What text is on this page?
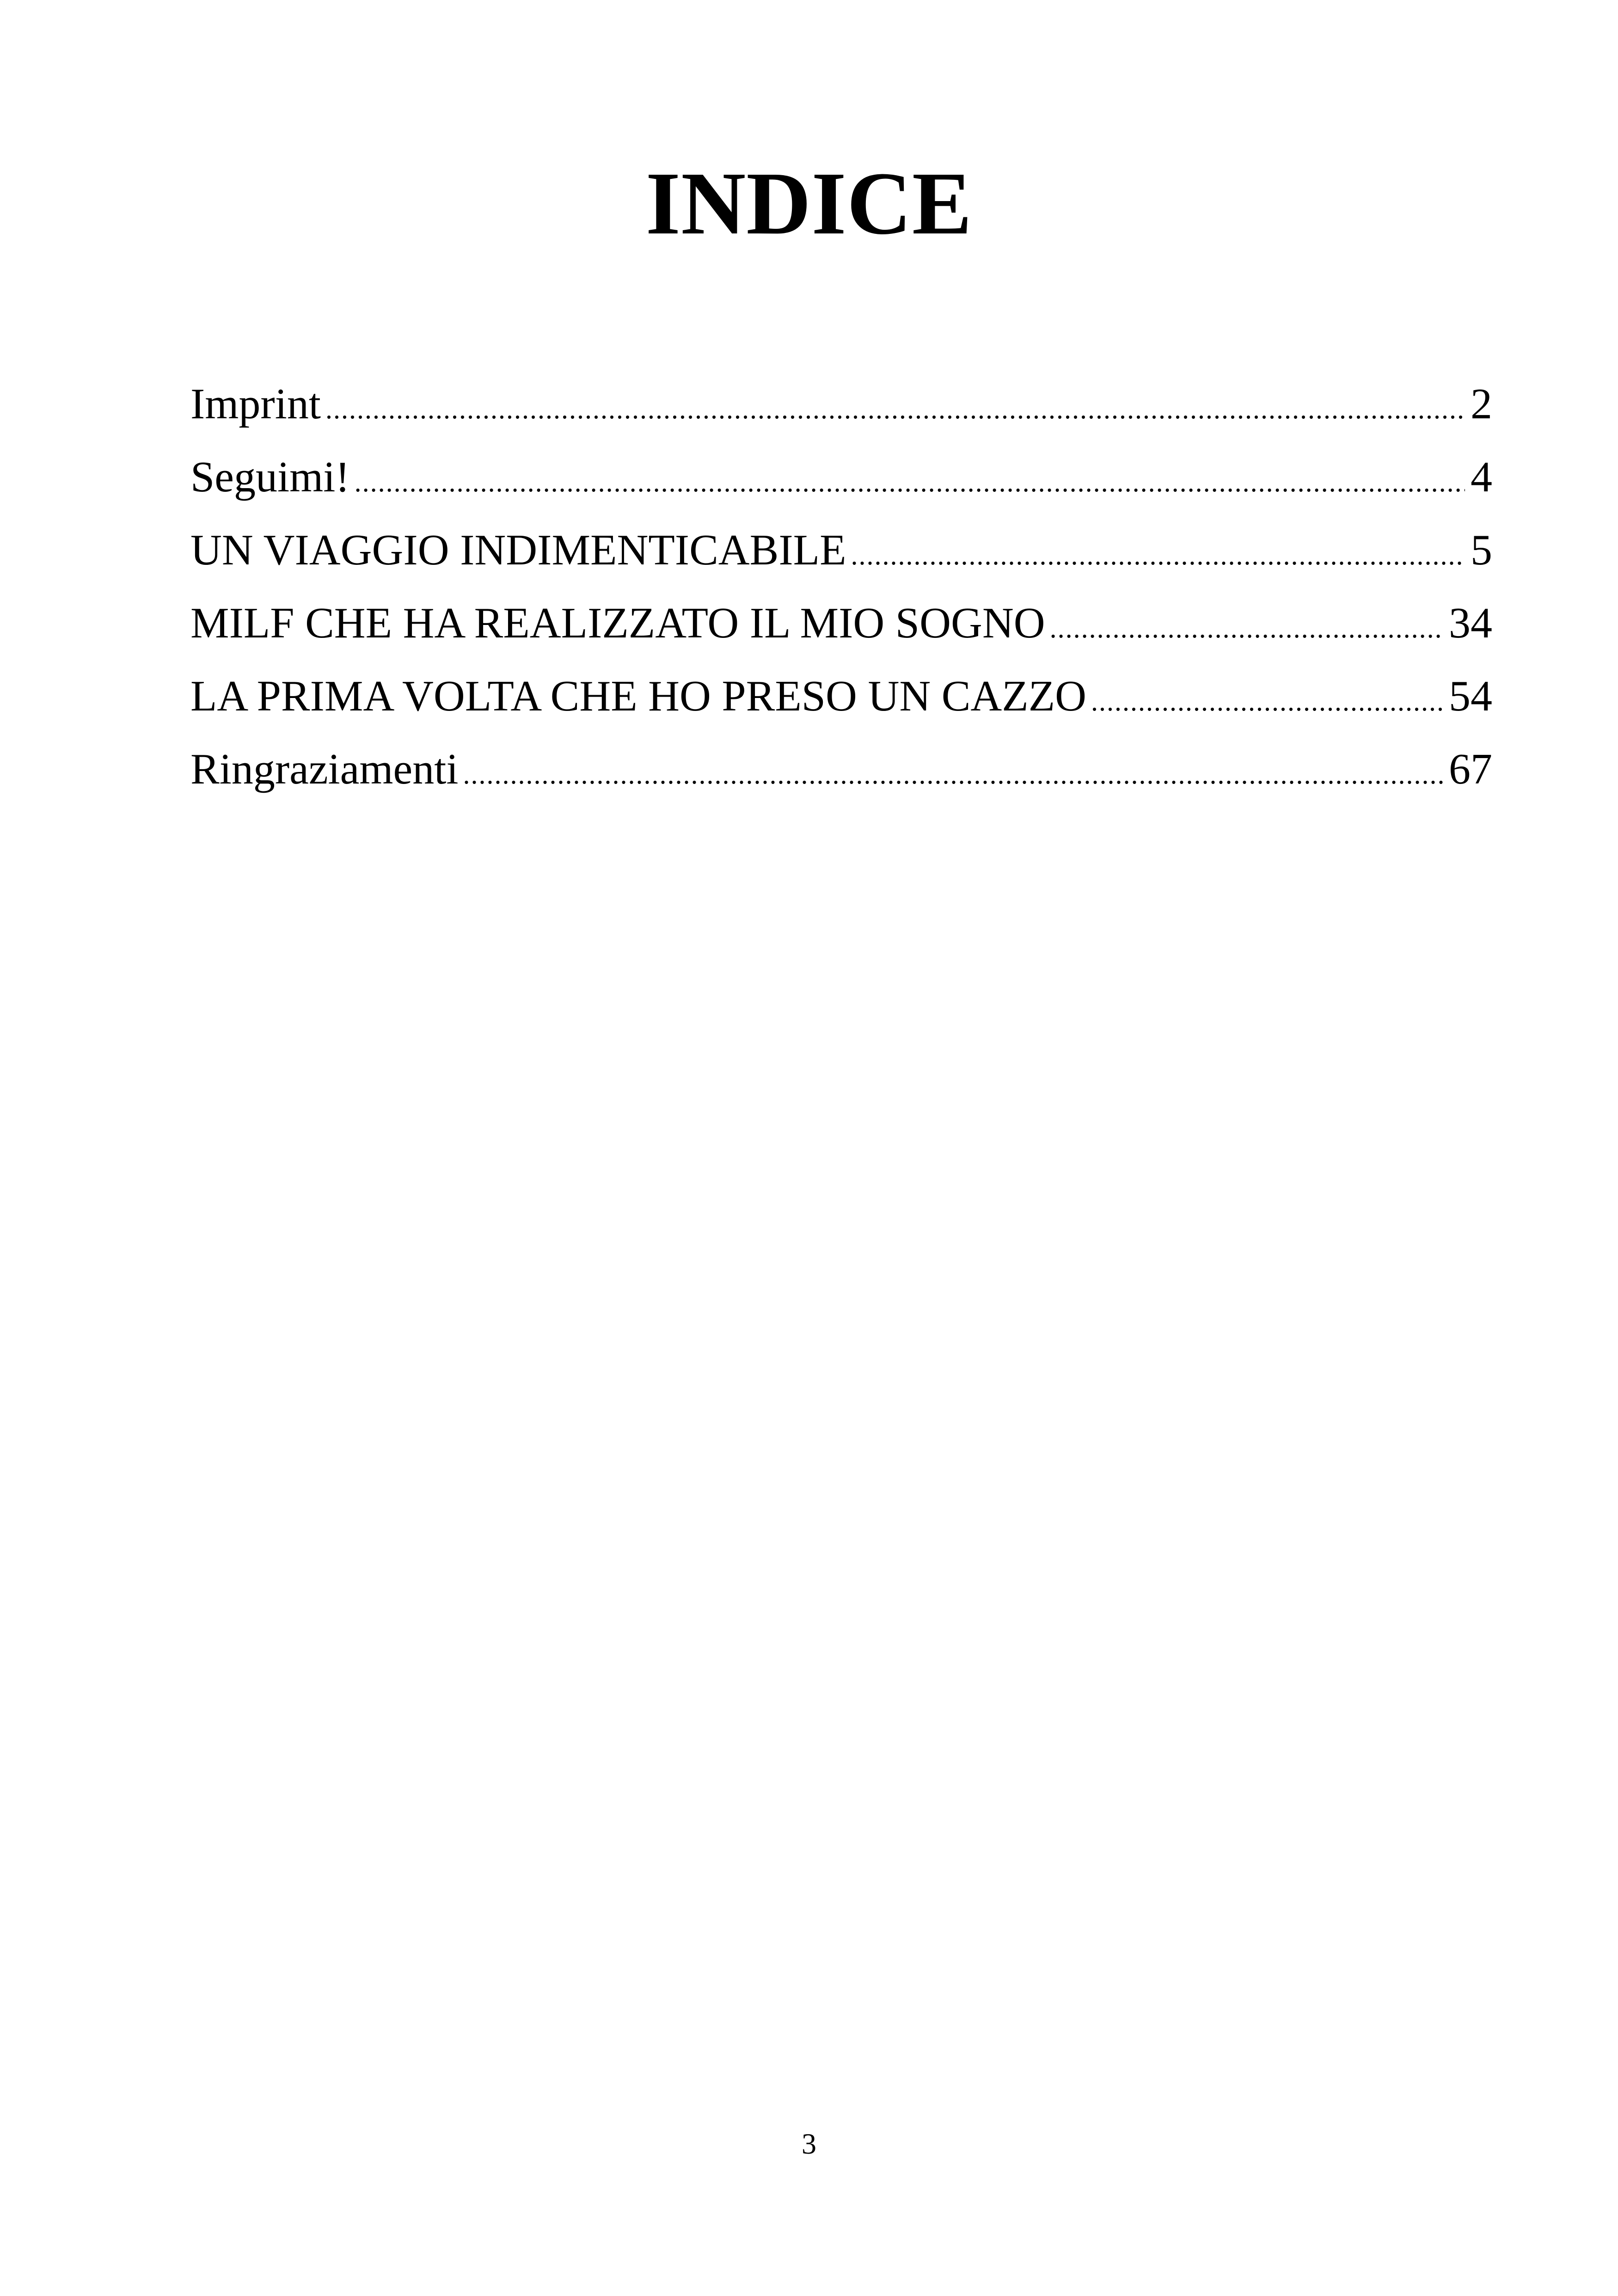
INDICE
Imprint .....	2
Seguimi! .....	4
UN VIAGGIO INDIMENTICABILE .....	5
MILF CHE HA REALIZZATO IL MIO SOGNO .....	34
LA PRIMA VOLTA CHE HO PRESO UN CAZZO .....	54
Ringraziamenti .....	67
3
